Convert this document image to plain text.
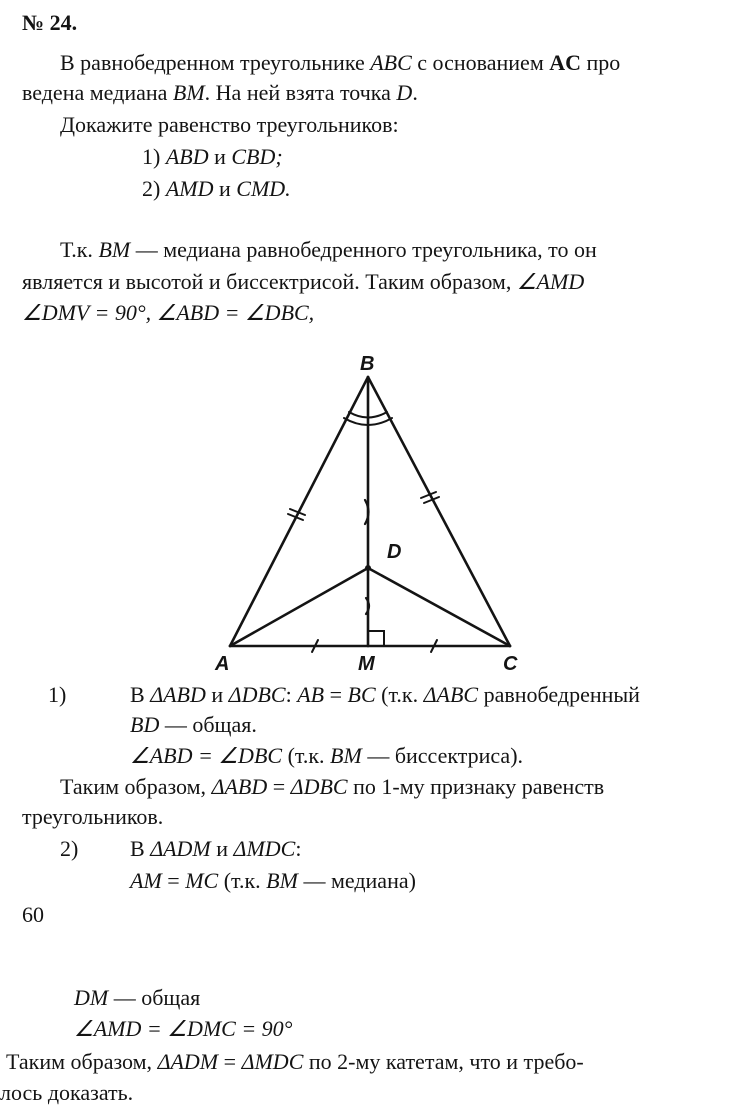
№ 24.
В равнобедренном треугольнике ABC с основанием AC про
ведена медиана BM. На ней взята точка D.
Докажите равенство треугольников:
1) ABD и CBD;
2) AMD и CMD.
Т.к. BM — медиана равнобедренного треугольника, то он
является и высотой и биссектрисой. Таким образом, ∠AMD
∠DMV = 90°, ∠ABD = ∠DBC,
B
A	M	C
D
1)	В ΔABD и ΔDBC: AB = BC (т.к. ΔABC равнобедренный
BD — общая.
∠ABD = ∠DBC (т.к. BM — биссектриса).
Таким образом, ΔABD = ΔDBC по 1-му признаку равенств
треугольников.
2) В ΔADM и ΔMDC:
AM = MC (т.к. BM — медиана)
60
DM — общая
∠AMD = ∠DMC = 90°
Таким образом, ΔADM = ΔMDC по 2-му катетам, что и требо-
лось доказать.
